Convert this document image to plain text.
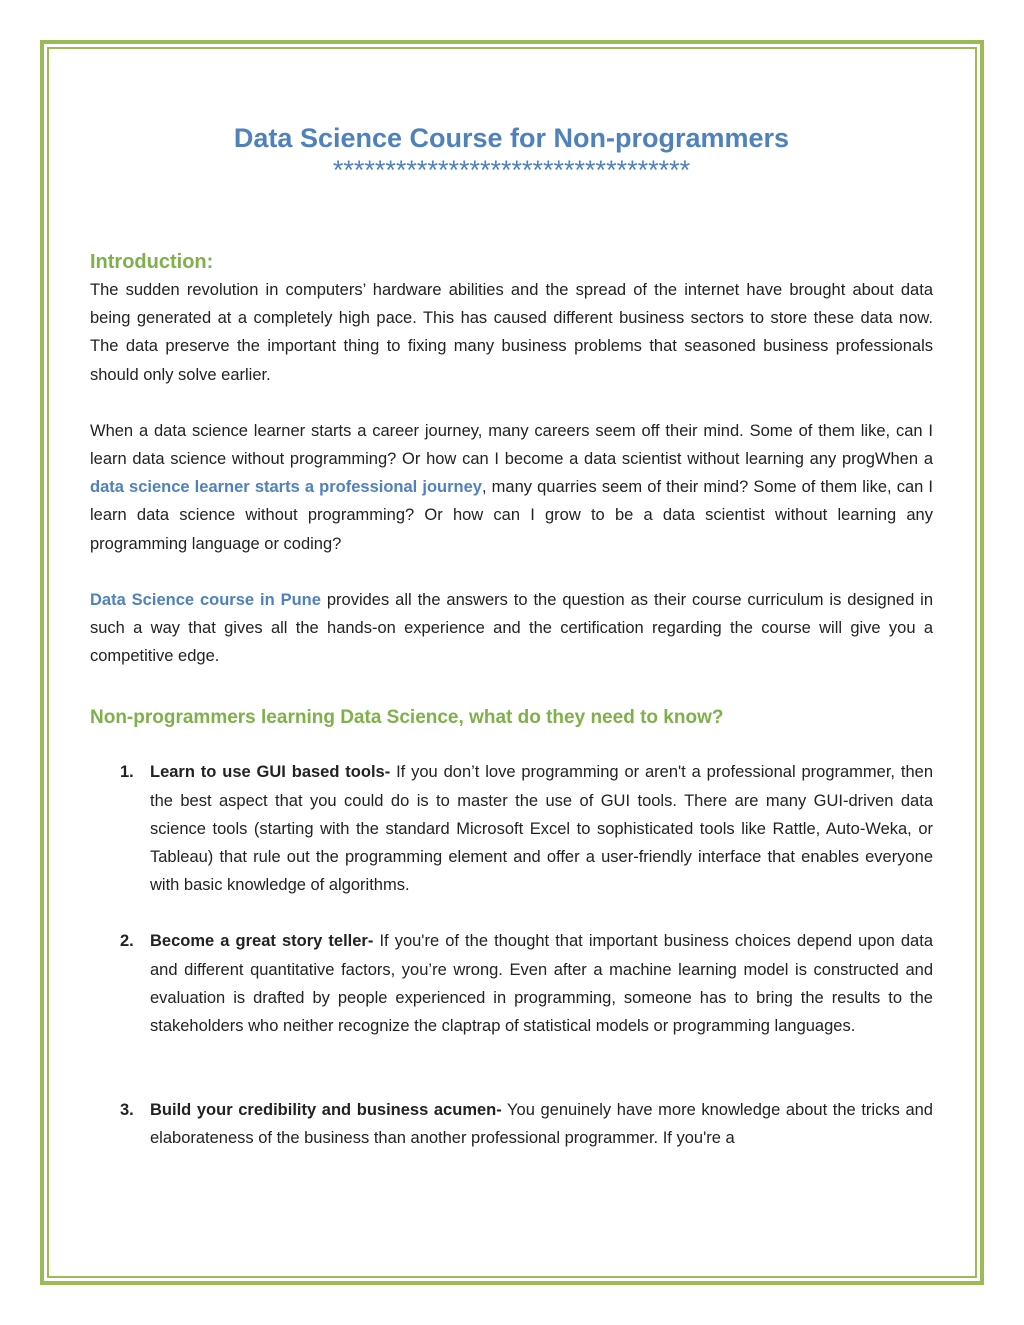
Data Science Course for Non-programmers
**********************************
Introduction:

The sudden revolution in computers’ hardware abilities and the spread of the internet have brought about data being generated at a completely high pace. This has caused different business sectors to store these data now. The data preserve the important thing to fixing many business problems that seasoned business professionals should only solve earlier.

When a data science learner starts a career journey, many careers seem off their mind. Some of them like, can I learn data science without programming? Or how can I become a data scientist without learning any progWhen a data science learner starts a professional journey, many quarries seem of their mind? Some of them like, can I learn data science without programming? Or how can I grow to be a data scientist without learning any programming language or coding?

Data Science course in Pune provides all the answers to the question as their course curriculum is designed in such a way that gives all the hands-on experience and the certification regarding the course will give you a competitive edge.

Non-programmers learning Data Science, what do they need to know?
1. Learn to use GUI based tools- If you don’t love programming or aren't a professional programmer, then the best aspect that you could do is to master the use of GUI tools. There are many GUI-driven data science tools (starting with the standard Microsoft Excel to sophisticated tools like Rattle, Auto-Weka, or Tableau) that rule out the programming element and offer a user-friendly interface that enables everyone with basic knowledge of algorithms.
2. Become a great story teller- If you're of the thought that important business choices depend upon data and different quantitative factors, you’re wrong. Even after a machine learning model is constructed and evaluation is drafted by people experienced in programming, someone has to bring the results to the stakeholders who neither recognize the claptrap of statistical models or programming languages.
3. Build your credibility and business acumen- You genuinely have more knowledge about the tricks and elaborateness of the business than another professional programmer. If you're a
